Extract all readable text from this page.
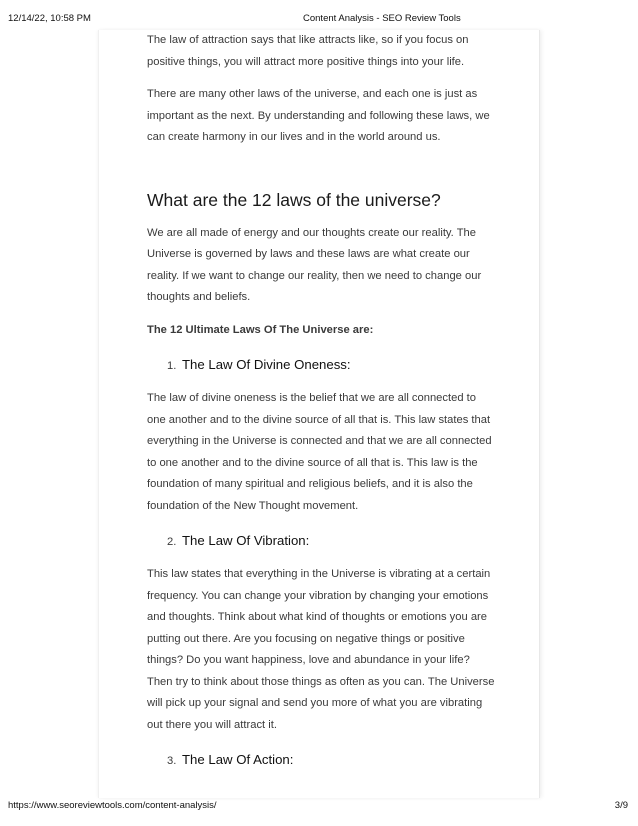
12/14/22, 10:58 PM	Content Analysis - SEO Review Tools

The law of attraction says that like attracts like, so if you focus on positive things, you will attract more positive things into your life.

There are many other laws of the universe, and each one is just as important as the next. By understanding and following these laws, we can create harmony in our lives and in the world around us.

What are the 12 laws of the universe?

We are all made of energy and our thoughts create our reality. The Universe is governed by laws and these laws are what create our reality. If we want to change our reality, then we need to change our thoughts and beliefs.

The 12 Ultimate Laws Of The Universe are:

1. The Law Of Divine Oneness:

The law of divine oneness is the belief that we are all connected to one another and to the divine source of all that is. This law states that everything in the Universe is connected and that we are all connected to one another and to the divine source of all that is. This law is the foundation of many spiritual and religious beliefs, and it is also the foundation of the New Thought movement.

2. The Law Of Vibration:

This law states that everything in the Universe is vibrating at a certain frequency. You can change your vibration by changing your emotions and thoughts. Think about what kind of thoughts or emotions you are putting out there. Are you focusing on negative things or positive things? Do you want happiness, love and abundance in your life? Then try to think about those things as often as you can. The Universe will pick up your signal and send you more of what you are vibrating out there you will attract it.

3. The Law Of Action:
https://www.seoreviewtools.com/content-analysis/	3/9
